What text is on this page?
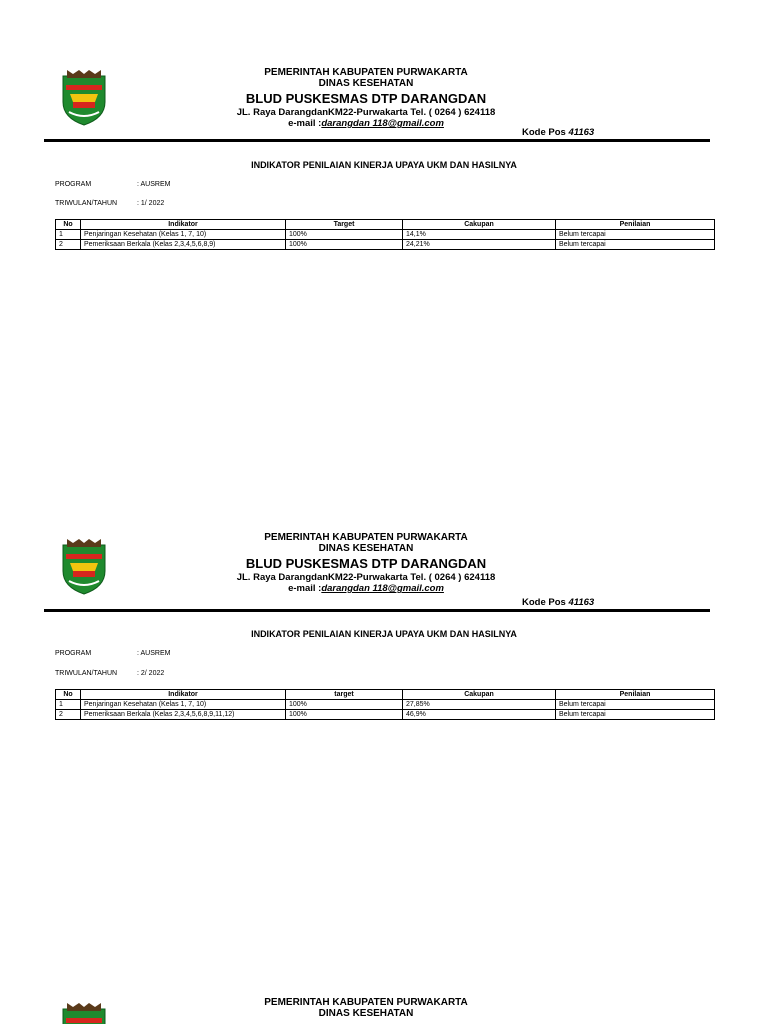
PEMERINTAH KABUPATEN PURWAKARTA
DINAS KESEHATAN
BLUD PUSKESMAS DTP DARANGDAN
JL. Raya DarangdanKM22-Purwakarta Tel. ( 0264 ) 624118
e-mail :darangdan 118@gmail.com
Kode Pos 41163
INDIKATOR PENILAIAN KINERJA UPAYA UKM DAN HASILNYA
PROGRAM	: AUSREM
TRIWULAN/TAHUN	: 1/ 2022
No	Indikator	Target	Cakupan	Penilaian
1	Penjaringan Kesehatan (Kelas 1, 7, 10)	100%	14,1%	Belum tercapai
2	Pemeriksaan Berkala (Kelas 2,3,4,5,6,8,9)	100%	24,21%	Belum tercapai
PEMERINTAH KABUPATEN PURWAKARTA
DINAS KESEHATAN
BLUD PUSKESMAS DTP DARANGDAN
JL. Raya DarangdanKM22-Purwakarta Tel. ( 0264 ) 624118
e-mail :darangdan 118@gmail.com
Kode Pos 41163
INDIKATOR PENILAIAN KINERJA UPAYA UKM DAN HASILNYA
PROGRAM	: AUSREM
TRIWULAN/TAHUN	: 2/ 2022
No	Indikator	target	Cakupan	Penilaian
1	Penjaringan Kesehatan (Kelas 1, 7, 10)	100%	27,85%	Belum tercapai
2	Pemeriksaan Berkala (Kelas 2,3,4,5,6,8,9,11,12)	100%	46,9%	Belum tercapai
PEMERINTAH KABUPATEN PURWAKARTA
DINAS KESEHATAN
